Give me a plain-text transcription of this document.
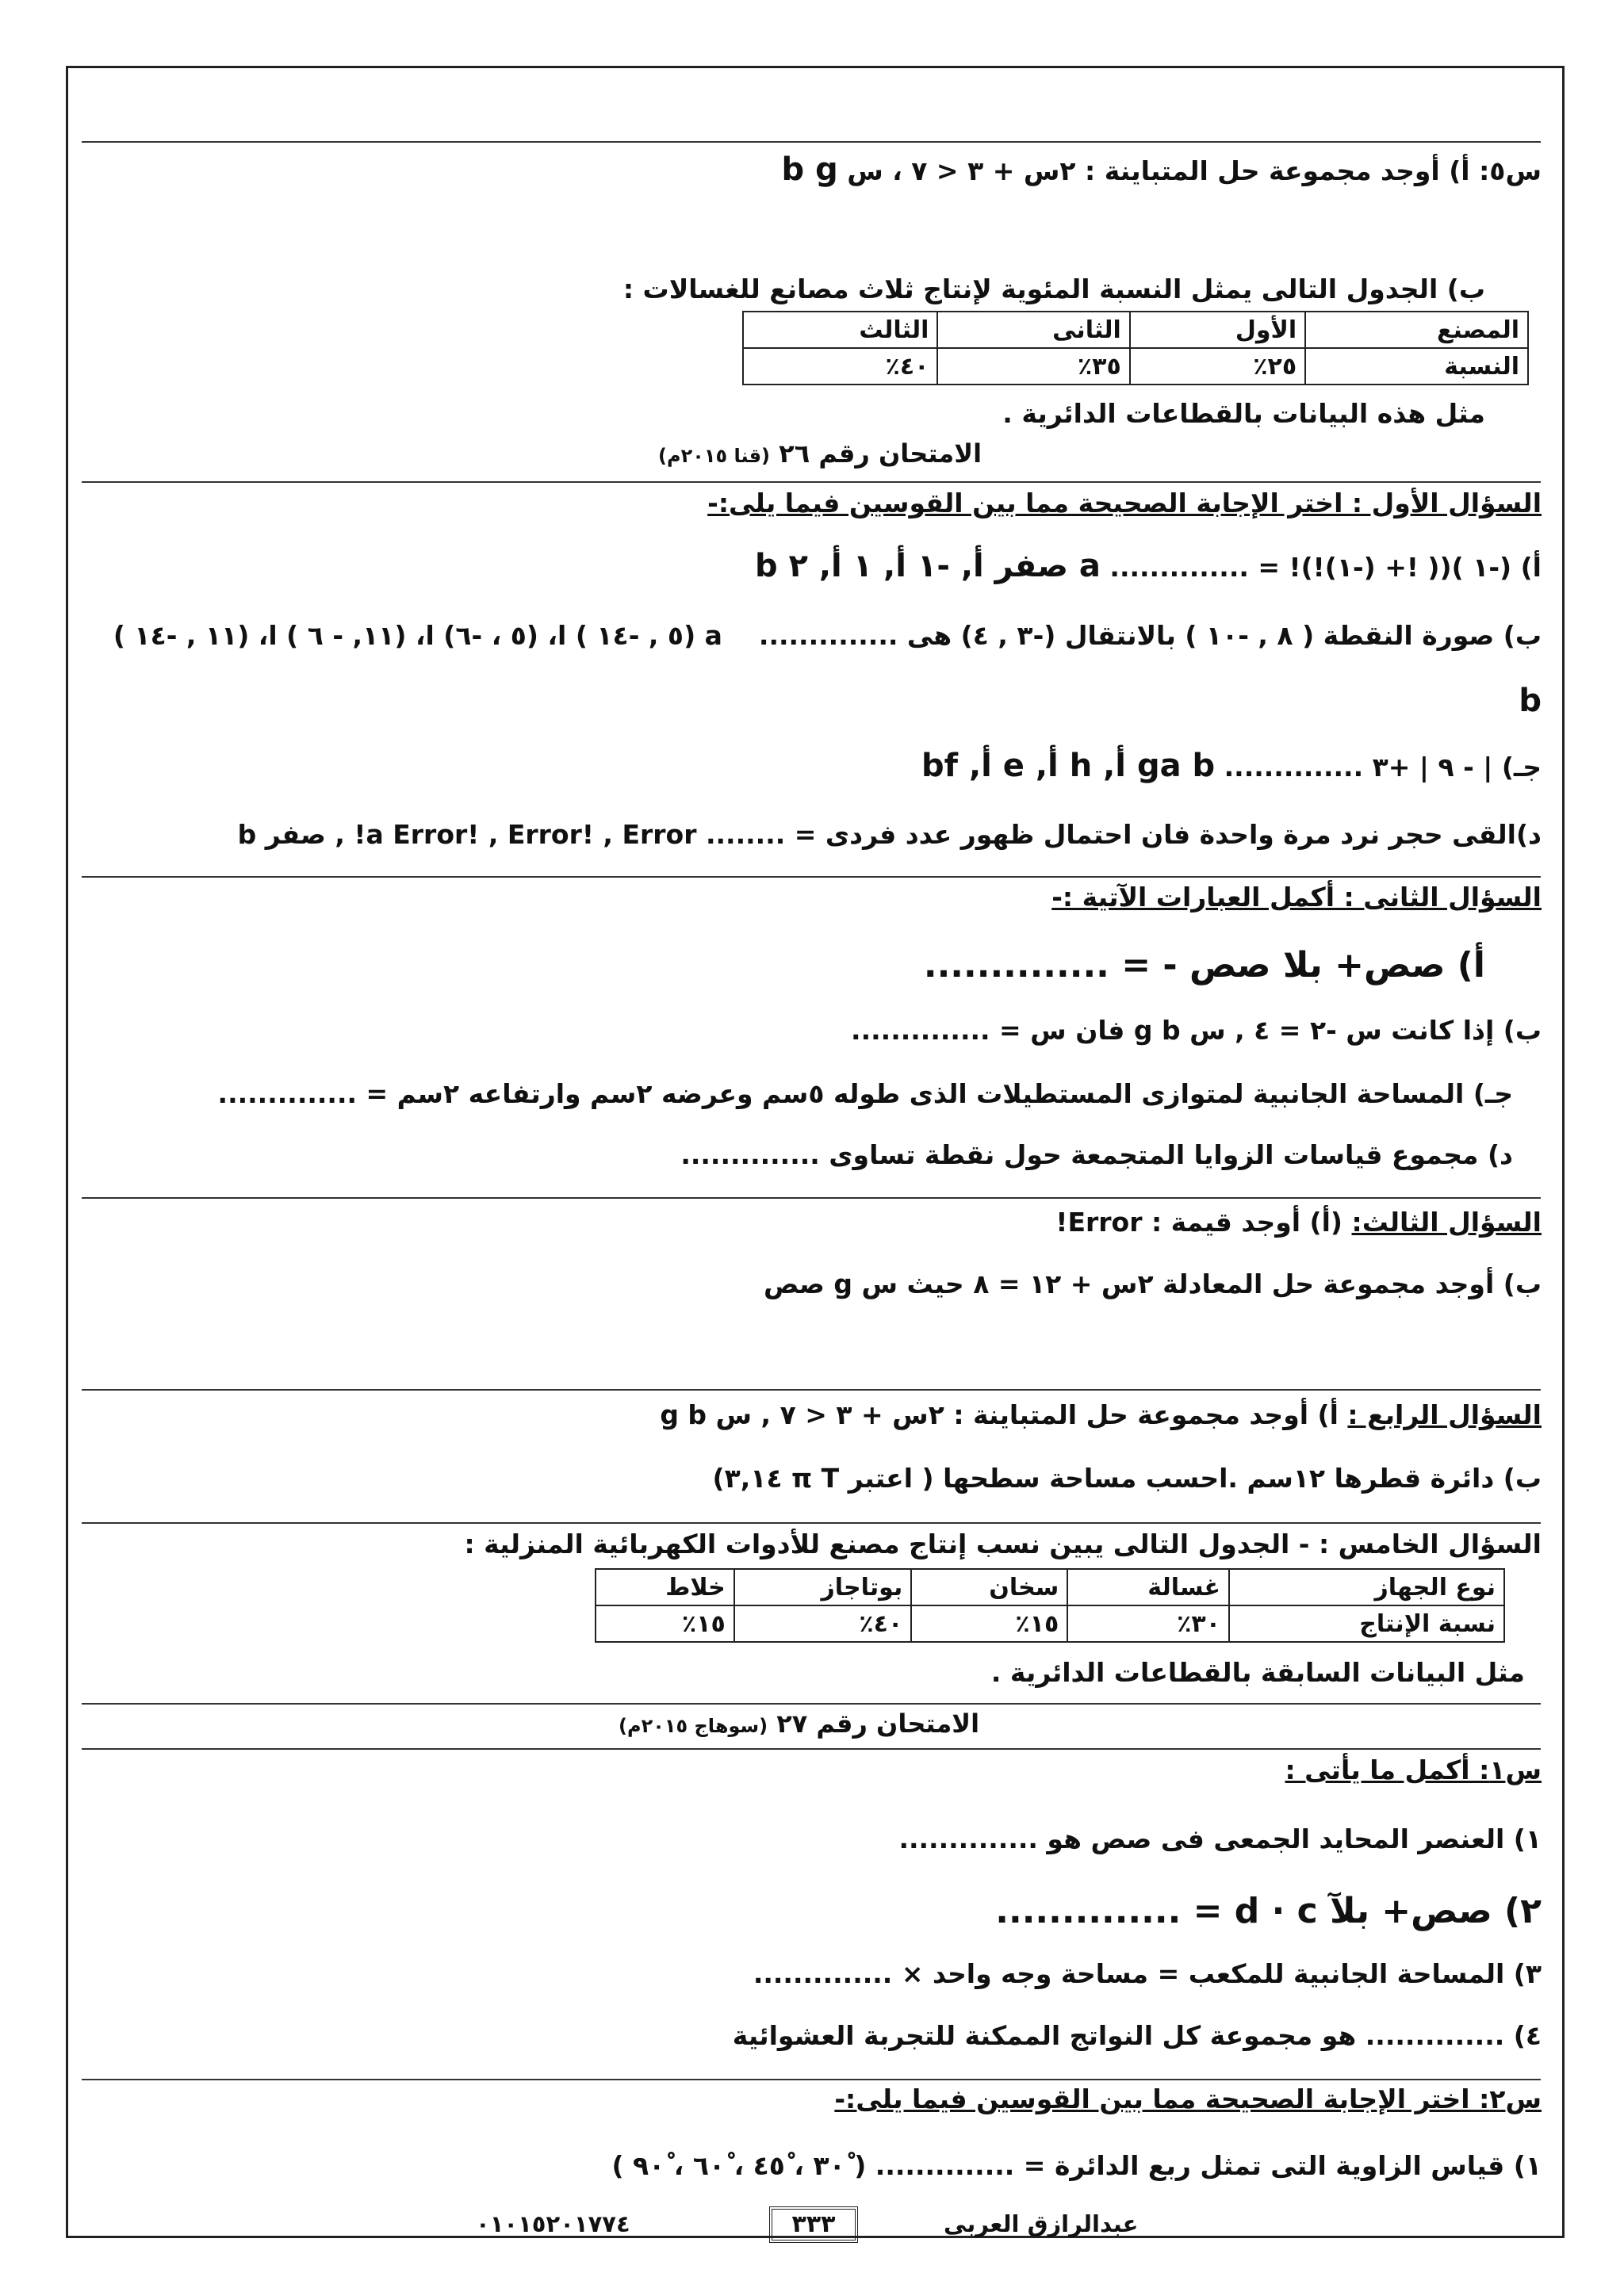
س٥: أ) أوجد مجموعة حل المتباينة : ٢س + ٣ < ٧ ، س b g
ب) الجدول التالى يمثل النسبة المئوية لإنتاج ثلاث مصانع للغسالات :
المصنع	الأول	الثانى	الثالث
النسبة	٢٥٪	٣٥٪	٤٠٪
مثل هذه البيانات بالقطاعات الدائرية .
الامتحان رقم ٢٦ (قنا ٢٠١٥م)
السؤال الأول : اختر الإجابة الصحيحة مما بين القوسين فيما يلى:-
أ) (-١ )(( !+ (-١)!)! = .............. a صفر أ, -١ أ, ١ أ, ٢ b
ب) صورة النقطة ( ٨ , -١٠ ) بالانتقال (-٣ , ٤) هى ..............    a (٥ , -١٤ ) ا، (٥ ، -٦) ا، (١١, - ٦ ) ا، (١١ , -١٤ )
b
جـ) | - ٩ | +٣ .............. ga b أ, h أ, e أ, bf
د)القى حجر نرد مرة واحدة فان احتمال ظهور عدد فردى = ........ a Error! , Error! , Error! , صفر b
السؤال الثانى : أكمل العبارات الآتية :-
أ) صص+ بلا صص - = ..............
ب) إذا كانت س -٢ = ٤ , س g b فان س = ..............
جـ) المساحة الجانبية لمتوازى المستطيلات الذى طوله ٥سم وعرضه ٢سم وارتفاعه ٢سم = ..............
د) مجموع قياسات الزوايا المتجمعة حول نقطة تساوى ..............
السؤال الثالث: (أ) أوجد قيمة : Error!
ب) أوجد مجموعة حل المعادلة ٢س + ١٢ = ٨ حيث س g صص
السؤال الرابع : أ) أوجد مجموعة حل المتباينة : ٢س + ٣ < ٧ , س g b
ب) دائرة قطرها ١٢سم .احسب مساحة سطحها ( اعتبر π T ٣,١٤)
السؤال الخامس : - الجدول التالى يبين نسب إنتاج مصنع للأدوات الكهربائية المنزلية :
نوع الجهاز	غسالة	سخان	بوتاجاز	خلاط
نسبة الإنتاج	٣٠٪	١٥٪	٤٠٪	١٥٪
مثل البيانات السابقة بالقطاعات الدائرية .
الامتحان رقم ٢٧ (سوهاج ٢٠١٥م)
س١: أكمل ما يأتى :
١) العنصر المحايد الجمعى فى صص هو ..............
٢) صص+ بلآ d · c = ..............
٣) المساحة الجانبية للمكعب = مساحة وجه واحد × ..............
٤) .............. هو مجموعة كل النواتج الممكنة للتجربة العشوائية
س٢: اختر الإجابة الصحيحة مما بين القوسين فيما يلى:-
١) قياس الزاوية التى تمثل ربع الدائرة = .............. ( ٣٠ْ ، ٤٥ْ ، ٦٠ْ ، ٩٠ْ )
عبدالرازق العربى
٣٣٣
٠١٠١٥٢٠١٧٧٤
